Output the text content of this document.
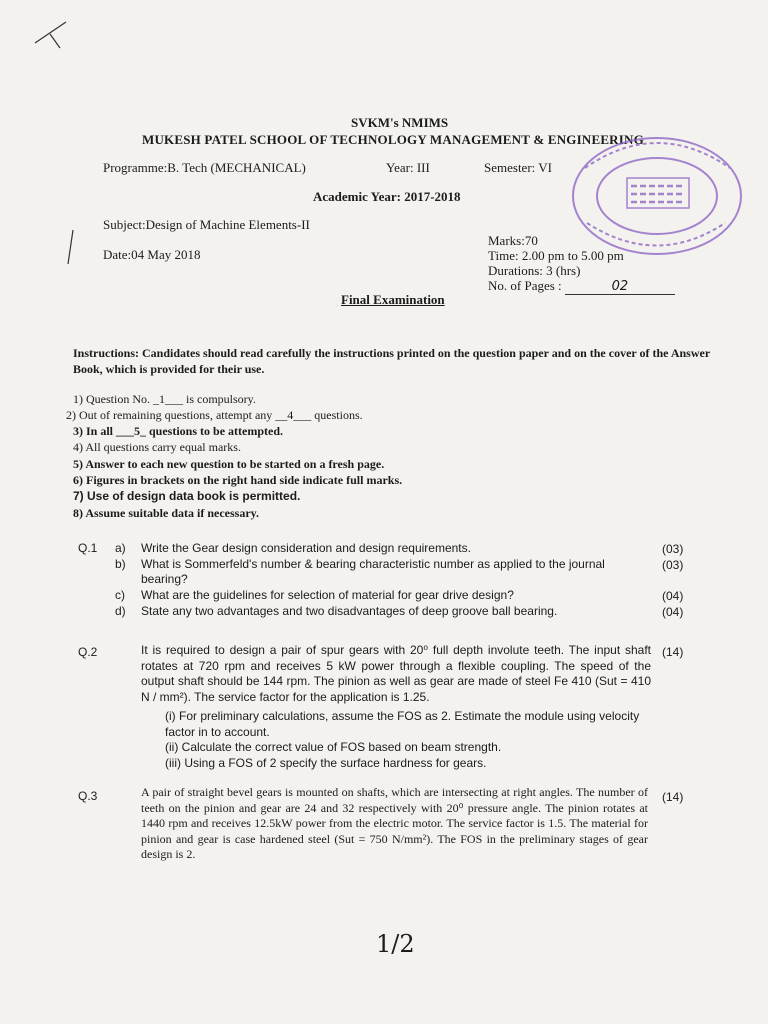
SVKM's NMIMS
MUKESH PATEL SCHOOL OF TECHNOLOGY MANAGEMENT & ENGINEERING
Programme:B. Tech (MECHANICAL)	Year: III	Semester: VI
Academic Year: 2017-2018
Subject:Design of Machine Elements-II
Date:04 May 2018
Marks:70
Time: 2.00 pm to 5.00 pm
Durations: 3 (hrs)
No. of Pages :	02
Final Examination
Instructions: Candidates should read carefully the instructions printed on the question paper and on the cover of the Answer Book, which is provided for their use.
1) Question No. _1___ is compulsory.
2) Out of remaining questions, attempt any __4___ questions.
3) In all ___5_ questions to be attempted.
4) All questions carry equal marks.
5) Answer to each new question to be started on a fresh page.
6) Figures in brackets on the right hand side indicate full marks.
7) Use of design data book is permitted.
8) Assume suitable data if necessary.
Q.1 a) Write the Gear design consideration and design requirements.	(03)
b) What is Sommerfeld's number & bearing characteristic number as applied to the journal bearing?
(03)
c) What are the guidelines for selection of material for gear drive design?	(04)
d) State any two advantages and two disadvantages of deep groove ball bearing.	(04)
Q.2	It is required to design a pair of spur gears with 20⁰ full depth involute teeth. The input shaft rotates at 720 rpm and receives 5 kW power through a flexible coupling. The speed of the output shaft should be 144 rpm. The pinion as well as gear are made of steel Fe 410 (Sut = 410 N / mm²). The service factor for the application is 1.25.
(14)
(i) For preliminary calculations, assume the FOS as 2. Estimate the module using velocity factor in to account.
(ii) Calculate the correct value of FOS based on beam strength.
(iii) Using a FOS of 2 specify the surface hardness for gears.
Q.3	A pair of straight bevel gears is mounted on shafts, which are intersecting at right angles. The number of teeth on the pinion and gear are 24 and 32 respectively with 20⁰ pressure angle. The pinion rotates at 1440 rpm and receives 12.5kW power from the electric motor. The service factor is 1.5. The material for pinion and gear is case hardened steel (Sut = 750 N/mm²). The FOS in the preliminary stages of gear design is 2.
(14)
1/2
